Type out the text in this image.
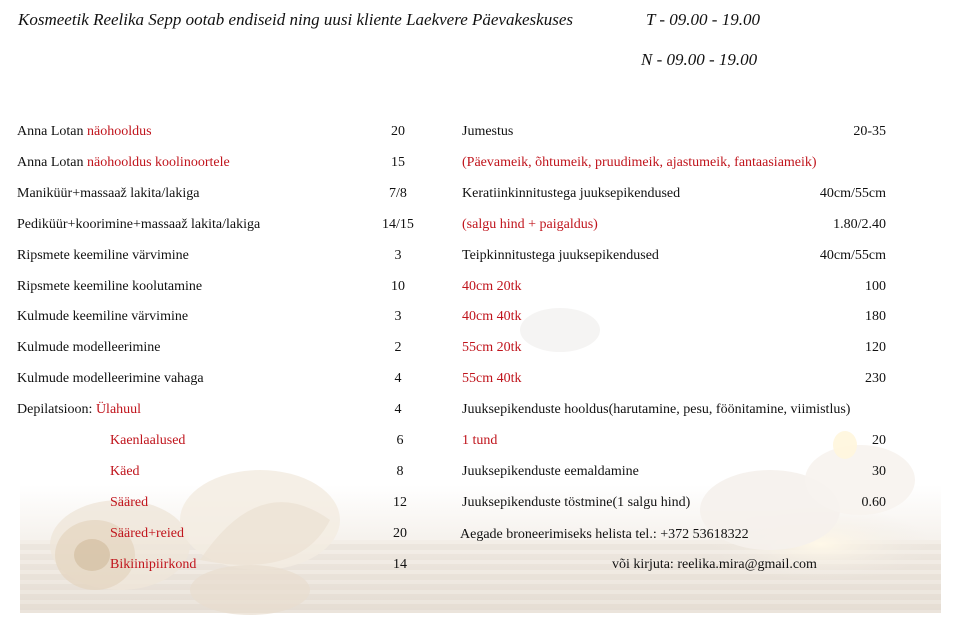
Kosmeetik Reelika Sepp ootab endiseid ning uusi kliente Laekvere Päevakeskuses	T - 09.00 - 19.00
N - 09.00 - 19.00
Aegade broneerimiseks helista tel.: +372 53618322
või kirjuta: reelika.mira@gmail.com
Anna Lotan näohooldus	20
Anna Lotan näohooldus koolinoortele	15
Maniküür+massaaž lakita/lakiga	7/8
Pediküür+koorimine+massaaž lakita/lakiga	14/15
Ripsmete keemiline värvimine	3
Ripsmete keemiline koolutamine	10
Kulmude keemiline värvimine	3
Kulmude modelleerimine	2
Kulmude modelleerimine vahaga	4
Depilatsioon: Ülahuul	4
Kaenlaalused	6
Käed	8
Sääred	12
Sääred+reied	20
Bikiinipiirkond	14
Jumestus	20-35
(Päevameik, õhtumeik, pruudimeik, ajastumeik, fantaasiameik)
Keratiinkinnitustega juuksepikendused	40cm/55cm
(salgu hind + paigaldus)	1.80/2.40
Teipkinnitustega juuksepikendused	40cm/55cm
40cm 20tk	100
40cm 40tk	180
55cm 20tk	120
55cm 40tk	230
Juuksepikenduste hooldus(harutamine, pesu, föönitamine, viimistlus)
1 tund	20
Juuksepikenduste eemaldamine	30
Juuksepikenduste töstmine(1 salgu hind)	0.60
